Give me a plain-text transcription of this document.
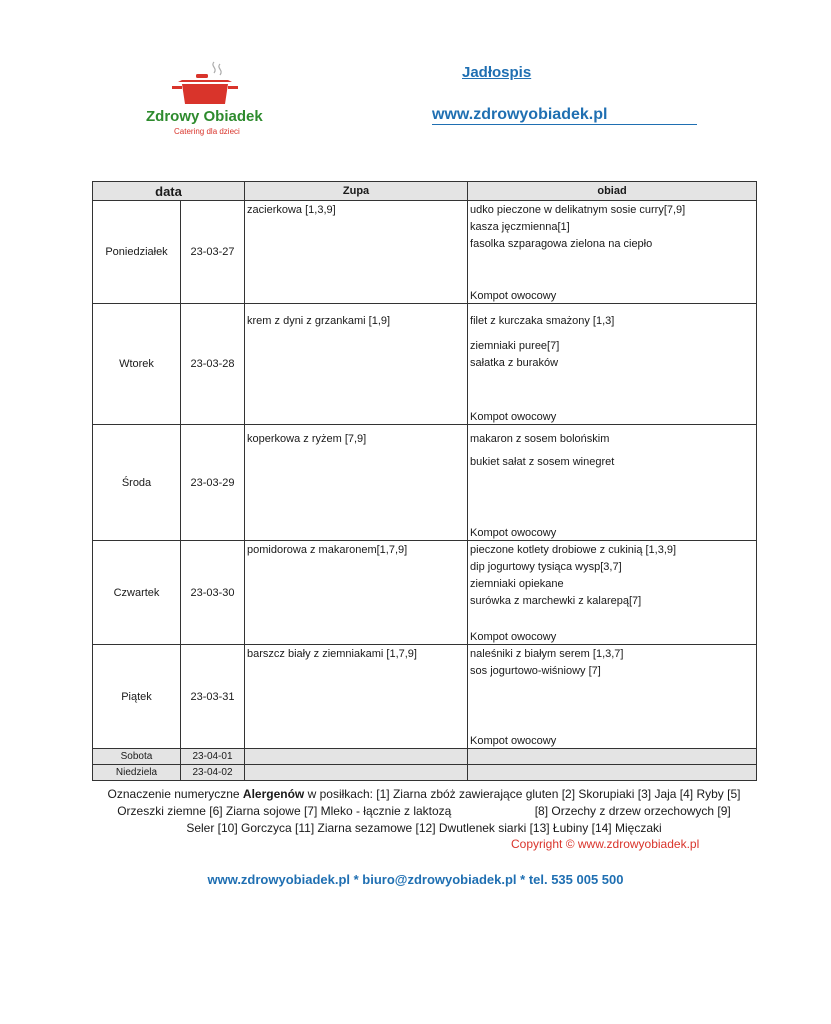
Zdrowy Obiadek
Catering dla dzieci
Jadłospis
www.zdrowyobiadek.pl
data		Zupa	obiad
Poniedziałek	23-03-27	zacierkowa [1,3,9]	udko pieczone w delikatnym sosie curry[7,9]
kasza jęczmienna[1]
fasolka szparagowa zielona na ciepło
Kompot owocowy

Wtorek	23-03-28	krem z dyni z grzankami [1,9]	filet z kurczaka smażony [1,3]
ziemniaki puree[7]
sałatka z buraków
Kompot owocowy

Środa	23-03-29	koperkowa z ryżem [7,9]	makaron z sosem bolońskim
bukiet sałat z sosem winegret
Kompot owocowy

Czwartek	23-03-30	pomidorowa z makaronem[1,7,9]	pieczone kotlety drobiowe z cukinią [1,3,9]
dip jogurtowy tysiąca wysp[3,7]
ziemniaki opiekane
surówka z marchewki z kalarepą[7]
Kompot owocowy

Piątek	23-03-31	barszcz biały z ziemniakami [1,7,9]	naleśniki z białym serem [1,3,7]
sos jogurtowo-wiśniowy [7]
Kompot owocowy

Sobota	23-04-01		
Niedziela	23-04-02		
Oznaczenie numeryczne Alergenów w posiłkach: [1] Ziarna zbóż zawierające gluten [2] Skorupiaki [3] Jaja [4] Ryby [5]
Orzeszki ziemne [6] Ziarna sojowe [7] Mleko - łącznie z laktozą                         [8] Orzechy z drzew orzechowych [9]
Seler [10] Gorczyca [11] Ziarna sezamowe [12] Dwutlenek siarki [13] Łubiny [14] Mięczaki
Copyright © www.zdrowyobiadek.pl
www.zdrowyobiadek.pl * biuro@zdrowyobiadek.pl * tel. 535 005 500
